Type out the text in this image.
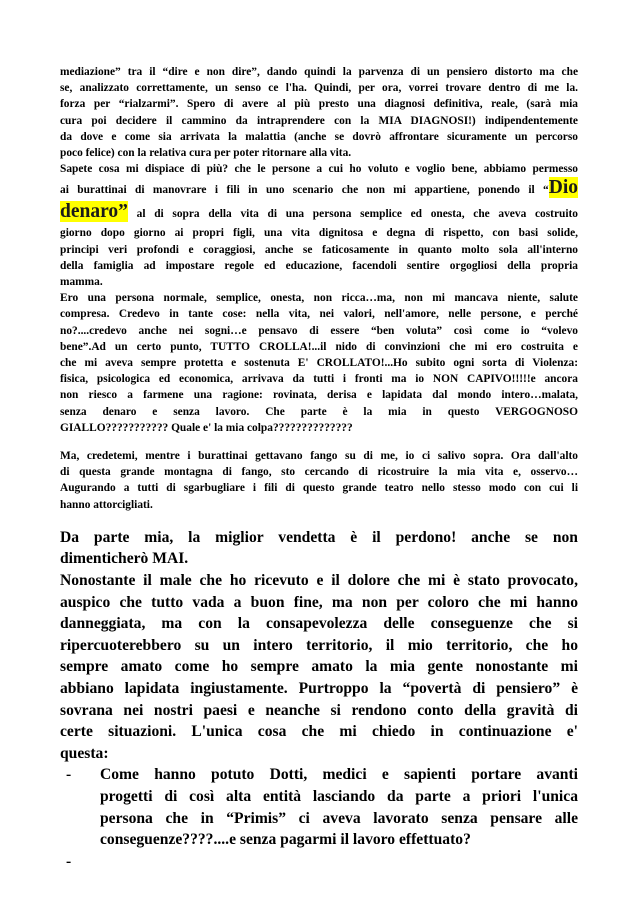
mediazione” tra il “dire e non dire”, dando quindi la parvenza di un pensiero distorto ma che
se, analizzato correttamente, un senso ce l'ha. Quindi, per ora, vorrei trovare dentro di me la.
forza per “rialzarmi”. Spero di avere al più presto una diagnosi definitiva, reale, (sarà mia
cura poi decidere il cammino da intraprendere con la MIA DIAGNOSI!) indipendentemente
da dove e come sia arrivata la malattia (anche se dovrò affrontare sicuramente un percorso
poco felice) con la relativa cura per poter ritornare alla vita.
Sapete cosa mi dispiace di più? che le persone a cui ho voluto e voglio bene, abbiamo permesso
ai burattinai di manovrare i fili in uno scenario che non mi appartiene, ponendo il “Dio
denaro” al di sopra della vita di una persona semplice ed onesta, che aveva costruito
giorno dopo giorno ai propri figli, una vita dignitosa e degna di rispetto, con basi solide,
principi veri profondi e coraggiosi, anche se faticosamente in quanto molto sola all'interno
della famiglia ad impostare regole ed educazione, facendoli sentire orgogliosi della propria
mamma.
Ero una persona normale, semplice, onesta, non ricca…ma, non mi mancava niente, salute
compresa. Credevo in tante cose: nella vita, nei valori, nell'amore, nelle persone, e perché
no?....credevo anche nei sogni…e pensavo di essere “ben voluta” così come io “volevo
bene”.Ad un certo punto, TUTTO CROLLA!...il nido di convinzioni che mi ero costruita e
che mi aveva sempre protetta e sostenuta E' CROLLATO!...Ho subito ogni sorta di Violenza:
fisica, psicologica ed economica, arrivava da tutti i fronti ma io NON CAPIVO!!!!!e ancora
non riesco a farmene una ragione: rovinata, derisa e lapidata dal mondo intero…malata,
senza denaro e senza lavoro. Che parte è la mia in questo VERGOGNOSO
GIALLO??????????? Quale e' la mia colpa??????????????
Ma, credetemi, mentre i burattinai gettavano fango su di me, io ci salivo sopra. Ora dall'alto
di questa grande montagna di fango, sto cercando di ricostruire la mia vita e, osservo…
Augurando a tutti di sgarbugliare i fili di questo grande teatro nello stesso modo con cui li
hanno attorcigliati.
Da parte mia, la miglior vendetta è il perdono! anche se non
dimenticherò MAI.
Nonostante il male che ho ricevuto e il dolore che mi è stato provocato,
auspico che tutto vada a buon fine, ma non per coloro che mi hanno
danneggiata, ma con la consapevolezza delle conseguenze che si
ripercuoterebbero su un intero territorio, il mio territorio, che ho
sempre amato come ho sempre amato la mia gente nonostante mi
abbiano lapidata ingiustamente. Purtroppo la “povertà di pensiero” è
sovrana nei nostri paesi e neanche si rendono conto della gravità di
certe situazioni. L'unica cosa che mi chiedo in continuazione e'
questa:
- Come hanno potuto Dotti, medici e sapienti portare avanti
progetti di così alta entità lasciando da parte a priori l'unica
persona che in “Primis” ci aveva lavorato senza pensare alle
conseguenze????....e senza pagarmi il lavoro effettuato?
-
